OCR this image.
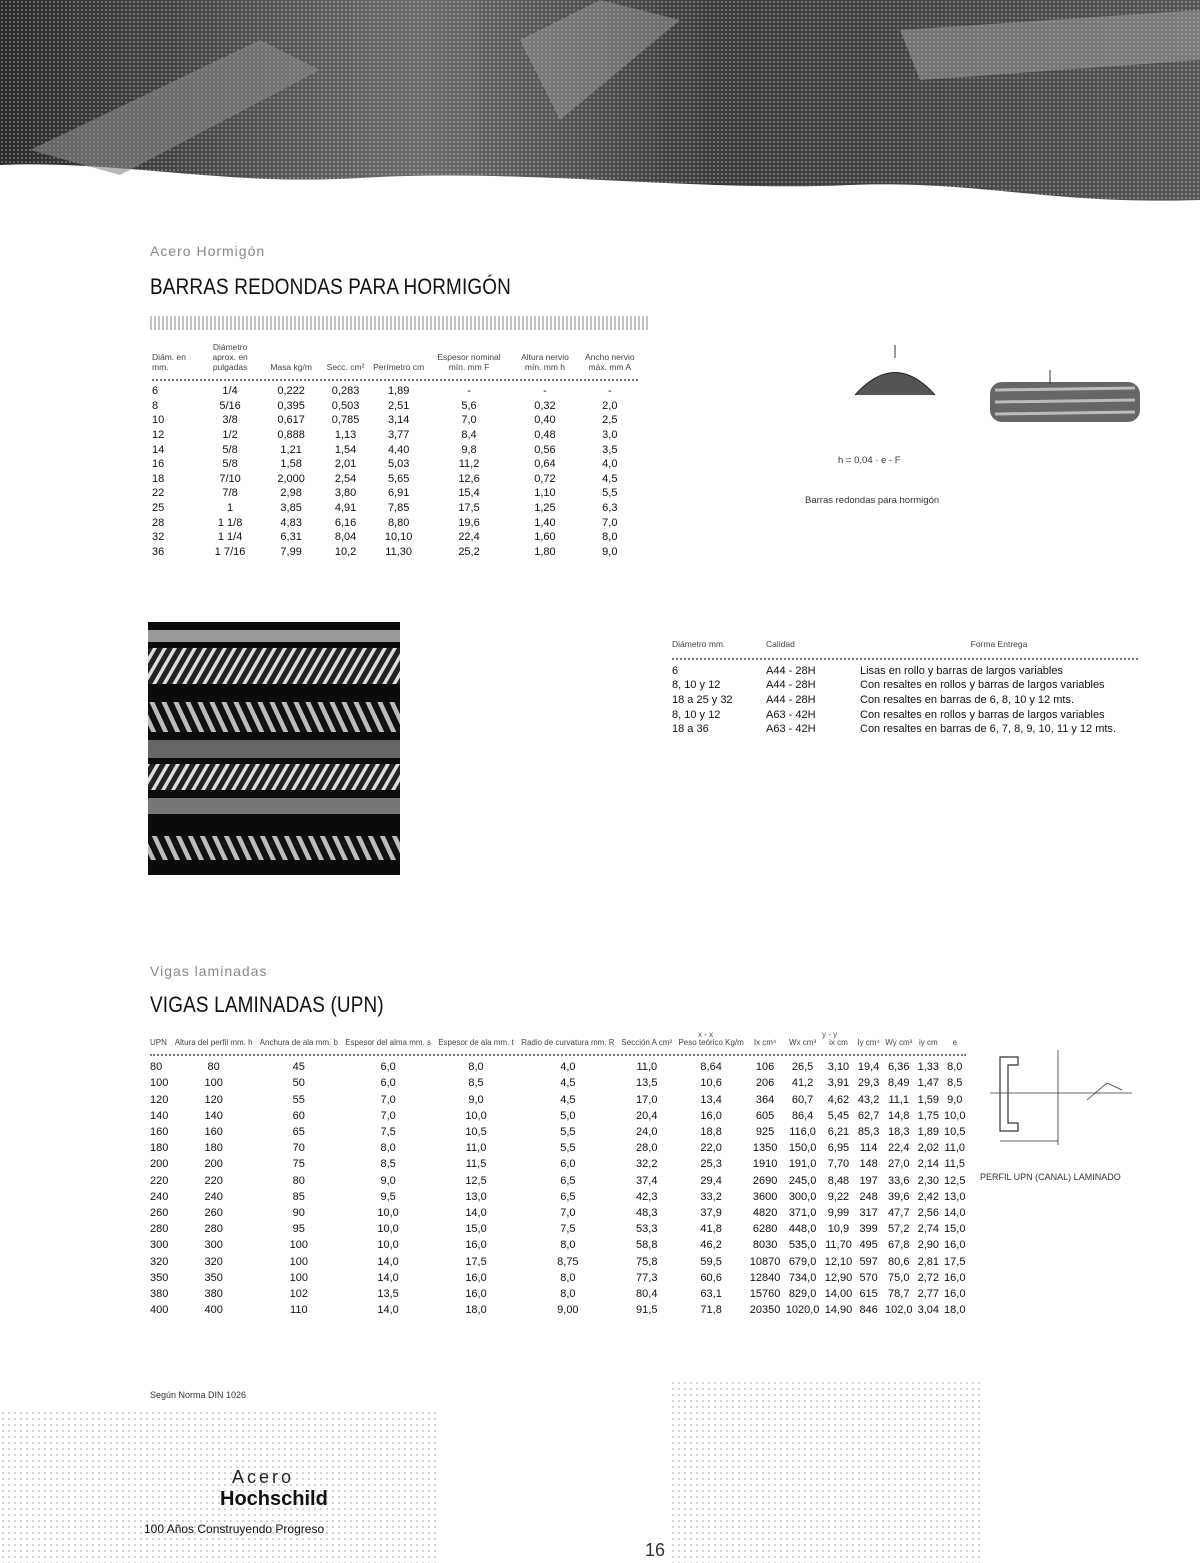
Acero Hormigón
BARRAS REDONDAS PARA HORMIGÓN
Diám. en mm.	Diámetro aprox. en pulgadas	Masa kg/m	Secc. cm²	Perímetro cm	Espesor nominal mín. mm F	Altura nervio mín. mm h	Ancho nervio máx. mm A

6	1/4	0,222	0,283	1,89	-	-	-
8	5/16	0,395	0,503	2,51	5,6	0,32	2,0
10	3/8	0,617	0,785	3,14	7,0	0,40	2,5
12	1/2	0,888	1,13	3,77	8,4	0,48	3,0
14	5/8	1,21	1,54	4,40	9,8	0,56	3,5
16	5/8	1,58	2,01	5,03	11,2	0,64	4,0
18	7/10	2,000	2,54	5,65	12,6	0,72	4,5
22	7/8	2,98	3,80	6,91	15,4	1,10	5,5
25	1	3,85	4,91	7,85	17,5	1,25	6,3
28	1 1/8	4,83	6,16	8,80	19,6	1,40	7,0
32	1 1/4	6,31	8,04	10,10	22,4	1,60	8,0
36	1 7/16	7,99	10,2	11,30	25,2	1,80	9,0
h = 0,04 · e - F
Barras redondas para hormigón
Diámetro mm.	Calidad	Forma Entrega

6	A44 - 28H	Lisas en rollo y barras de largos variables
8, 10 y 12	A44 - 28H	Con resaltes en rollos y barras de largos variables
18 a 25 y 32	A44 - 28H	Con resaltes en barras de 6, 8, 10 y 12 mts.
8, 10 y 12	A63 - 42H	Con resaltes en rollos y barras de largos variables
18 a 36	A63 - 42H	Con resaltes en barras de 6, 7, 8, 9, 10, 11 y 12 mts.
Vigas laminadas
VIGAS LAMINADAS (UPN)
x - x	y - y
UPN	Altura del perfil mm. h	Anchura de ala mm. b	Espesor del alma mm. s	Espesor de ala mm. t	Radio de curvatura mm. R	Sección A cm²	Peso teórico Kg/m	Ix cm⁴	Wx cm³	ix cm	Iy cm⁴	Wy cm³	iy cm	e

80	80	45	6,0	8,0	4,0	11,0	8,64	106	26,5	3,10	19,4	6,36	1,33	8,0
100	100	50	6,0	8,5	4,5	13,5	10,6	206	41,2	3,91	29,3	8,49	1,47	8,5
120	120	55	7,0	9,0	4,5	17,0	13,4	364	60,7	4,62	43,2	11,1	1,59	9,0
140	140	60	7,0	10,0	5,0	20,4	16,0	605	86,4	5,45	62,7	14,8	1,75	10,0
160	160	65	7,5	10,5	5,5	24,0	18,8	925	116,0	6,21	85,3	18,3	1,89	10,5
180	180	70	8,0	11,0	5,5	28,0	22,0	1350	150,0	6,95	114	22,4	2,02	11,0
200	200	75	8,5	11,5	6,0	32,2	25,3	1910	191,0	7,70	148	27,0	2,14	11,5
220	220	80	9,0	12,5	6,5	37,4	29,4	2690	245,0	8,48	197	33,6	2,30	12,5
240	240	85	9,5	13,0	6,5	42,3	33,2	3600	300,0	9,22	248	39,6	2,42	13,0
260	260	90	10,0	14,0	7,0	48,3	37,9	4820	371,0	9,99	317	47,7	2,56	14,0
280	280	95	10,0	15,0	7,5	53,3	41,8	6280	448,0	10,9	399	57,2	2,74	15,0
300	300	100	10,0	16,0	8,0	58,8	46,2	8030	535,0	11,70	495	67,8	2,90	16,0
320	320	100	14,0	17,5	8,75	75,8	59,5	10870	679,0	12,10	597	80,6	2,81	17,5
350	350	100	14,0	16,0	8,0	77,3	60,6	12840	734,0	12,90	570	75,0	2,72	16,0
380	380	102	13,5	16,0	8,0	80,4	63,1	15760	829,0	14,00	615	78,7	2,77	16,0
400	400	110	14,0	18,0	9,00	91,5	71,8	20350	1020,0	14,90	846	102,0	3,04	18,0
PERFIL UPN (CANAL) LAMINADO
Según Norma DIN 1026
Acero
Hochschild
100 Años Construyendo Progreso
16
